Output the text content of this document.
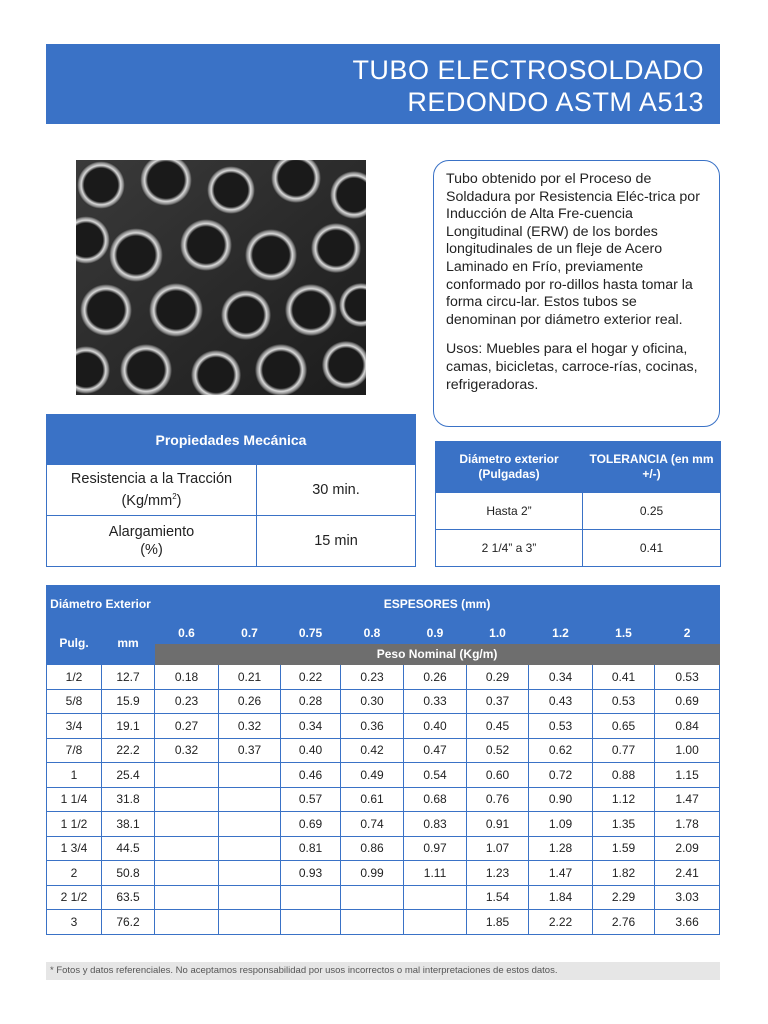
TUBO ELECTROSOLDADO
REDONDO ASTM A513

Tubo obtenido por el Proceso de Soldadura por Resistencia Eléc-trica por Inducción de Alta Fre-cuencia Longitudinal (ERW) de los bordes longitudinales de un fleje de Acero Laminado en Frío, previamente conformado por ro-dillos hasta tomar la forma circu-lar. Estos tubos se denominan por diámetro exterior real.

Usos: Muebles para el hogar y oficina, camas, bicicletas, carroce-rías, cocinas, refrigeradoras.

Propiedades Mecánica	
Resistencia a la Tracción
$(Kg/mm^2)$	30 min.
Alargamiento
(%)	15 min
Diámetro exterior (Pulgadas)	TOLERANCIA (en mm +/-)
Hasta 2”	0.25
2 1/4” a 3”	0.41
Diámetro Exterior		ESPESORES (mm)								
Pulg.	mm	0.6	0.7	0.75	0.8	0.9	1.0	1.2	1.5	2
		Peso Nominal (Kg/m)								
1/2	12.7	0.18	0.21	0.22	0.23	0.26	0.29	0.34	0.41	0.53
5/8	15.9	0.23	0.26	0.28	0.30	0.33	0.37	0.43	0.53	0.69
3/4	19.1	0.27	0.32	0.34	0.36	0.40	0.45	0.53	0.65	0.84
7/8	22.2	0.32	0.37	0.40	0.42	0.47	0.52	0.62	0.77	1.00
1	25.4			0.46	0.49	0.54	0.60	0.72	0.88	1.15
1 1/4	31.8			0.57	0.61	0.68	0.76	0.90	1.12	1.47
1 1/2	38.1			0.69	0.74	0.83	0.91	1.09	1.35	1.78
1 3/4	44.5			0.81	0.86	0.97	1.07	1.28	1.59	2.09
2	50.8			0.93	0.99	1.11	1.23	1.47	1.82	2.41
2 1/2	63.5						1.54	1.84	2.29	3.03
3	76.2						1.85	2.22	2.76	3.66
* Fotos y datos referenciales. No aceptamos responsabilidad por usos incorrectos o mal interpretaciones de estos datos.
